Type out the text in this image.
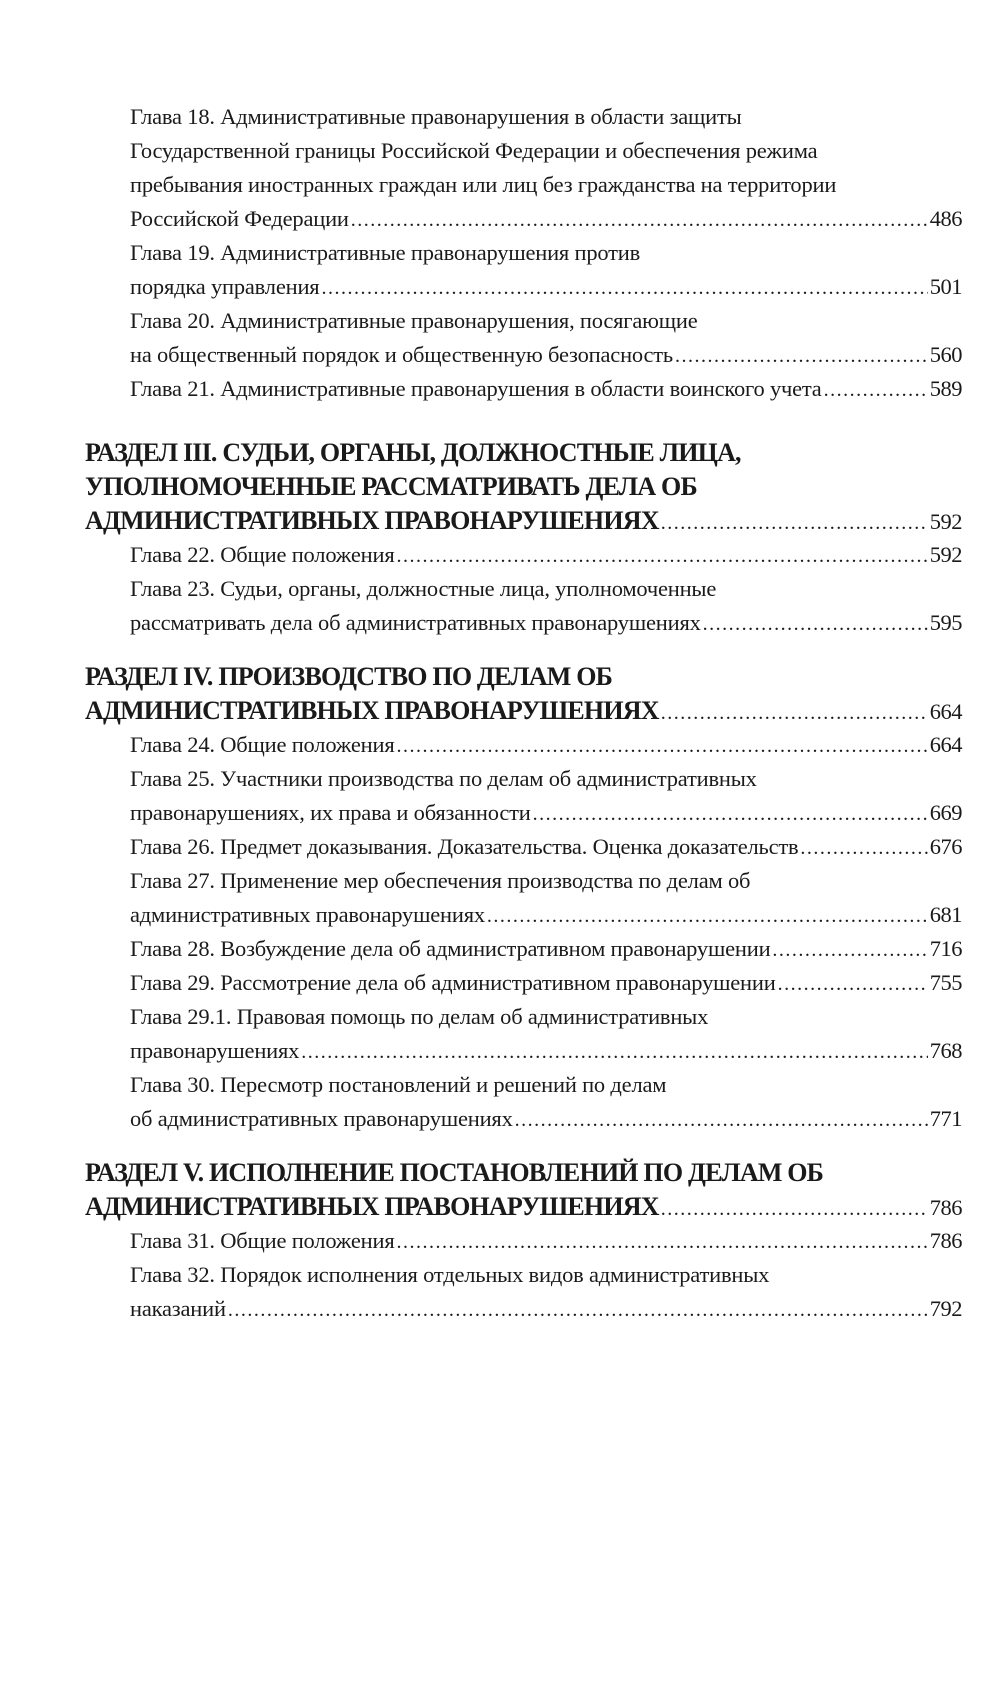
Глава 18. Административные правонарушения в области защиты
Государственной границы Российской Федерации и обеспечения режима
пребывания иностранных граждан или лиц без гражданства на территории
Российской Федерации .....	486
Глава 19. Административные правонарушения против
порядка управления .....	501
Глава 20. Административные правонарушения, посягающие
на общественный порядок и общественную безопасность .....	560
Глава 21. Административные правонарушения в области воинского учета .....	589
РАЗДЕЛ III. СУДЬИ, ОРГАНЫ, ДОЛЖНОСТНЫЕ ЛИЦА,
УПОЛНОМОЧЕННЫЕ РАССМАТРИВАТЬ ДЕЛА ОБ
АДМИНИСТРАТИВНЫХ ПРАВОНАРУШЕНИЯХ .....	592
Глава 22. Общие положения .....	592
Глава 23. Судьи, органы, должностные лица, уполномоченные
рассматривать дела об административных правонарушениях .....	595
РАЗДЕЛ IV. ПРОИЗВОДСТВО ПО ДЕЛАМ ОБ
АДМИНИСТРАТИВНЫХ ПРАВОНАРУШЕНИЯХ .....	664
Глава 24. Общие положения .....	664
Глава 25. Участники производства по делам об административных
правонарушениях, их права и обязанности .....	669
Глава 26. Предмет доказывания. Доказательства. Оценка доказательств .....	676
Глава 27. Применение мер обеспечения производства по делам об
административных правонарушениях .....	681
Глава 28. Возбуждение дела об административном правонарушении .....	716
Глава 29. Рассмотрение дела об административном правонарушении .....	755
Глава 29.1. Правовая помощь по делам об административных
правонарушениях .....	768
Глава 30. Пересмотр постановлений и решений по делам
об административных правонарушениях .....	771
РАЗДЕЛ V. ИСПОЛНЕНИЕ ПОСТАНОВЛЕНИЙ ПО ДЕЛАМ ОБ
АДМИНИСТРАТИВНЫХ ПРАВОНАРУШЕНИЯХ .....	786
Глава 31. Общие положения .....	786
Глава 32. Порядок исполнения отдельных видов административных
наказаний .....	792
